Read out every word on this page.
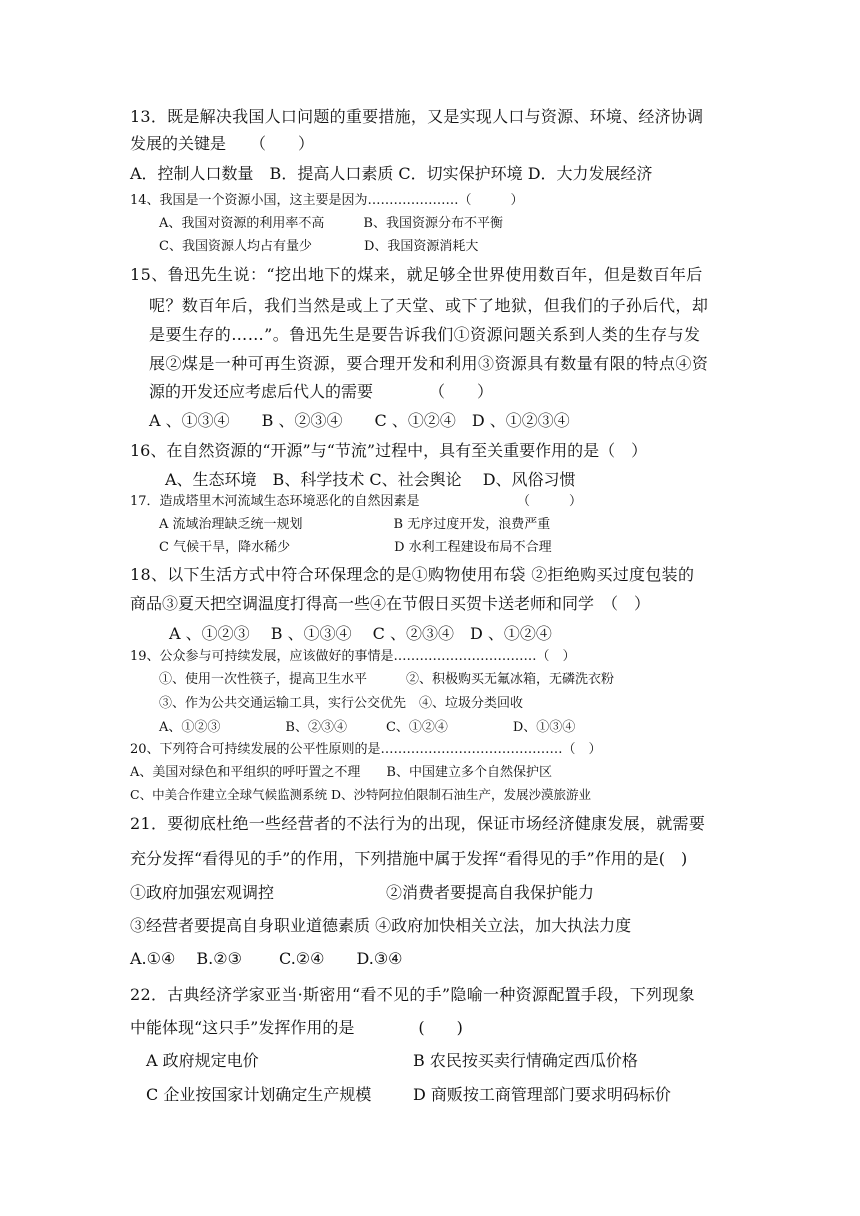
13．既是解决我国人口问题的重要措施，又是实现人口与资源、环境、经济协调
发展的关键是　　（　　）
A．控制人口数量　B．提高人口素质 C．切实保护环境 D．大力发展经济
14、我国是一个资源小国，这主要是因为…………………（　　　）
A、我国对资源的利用率不高　　　B、我国资源分布不平衡
C、我国资源人均占有量少　　　　D、我国资源消耗大
15、鲁迅先生说：“挖出地下的煤来，就足够全世界使用数百年，但是数百年后
呢？数百年后，我们当然是或上了天堂、或下了地狱，但我们的子孙后代，却
是要生存的……”。鲁迅先生是要告诉我们①资源问题关系到人类的生存与发
展②煤是一种可再生资源，要合理开发和利用③资源具有数量有限的特点④资
源的开发还应考虑后代人的需要　　　　（　　）
A 、①③④　　B 、②③④　　C 、①②④　D 、①②③④
16、在自然资源的“开源”与“节流”过程中，具有至关重要作用的是（　）
A、生态环境　B、科学技术 C、社会舆论　 D、风俗习惯
17．造成塔里木河流域生态环境恶化的自然因素是　　　　　　　　（　　　）
A 流域治理缺乏统一规划　　　　　　　B 无序过度开发，浪费严重
C 气候干旱，降水稀少　　　　　　　　D 水利工程建设布局不合理
18、以下生活方式中符合环保理念的是①购物使用布袋 ②拒绝购买过度包装的
商品③夏天把空调温度打得高一些④在节假日买贺卡送老师和同学　（　）
A 、①②③　 B 、①③④　 C 、②③④　D 、①②④
19、公众参与可持续发展，应该做好的事情是……………………………（　）
①、使用一次性筷子，提高卫生水平　　　②、积极购买无氟冰箱，无磷洗衣粉
③、作为公共交通运输工具，实行公交优先　④、垃圾分类回收
A、①②③　　　　　B、②③④　　　C、①②④　　　　　D、①③④
20、下列符合可持续发展的公平性原则的是……………………………………（　）
A、美国对绿色和平组织的呼吁置之不理　　B、中国建立多个自然保护区
C、中美合作建立全球气候监测系统 D、沙特阿拉伯限制石油生产，发展沙漠旅游业
21．要彻底杜绝一些经营者的不法行为的出现，保证市场经济健康发展，就需要
充分发挥“看得见的手”的作用，下列措施中属于发挥“看得见的手”作用的是(　)
①政府加强宏观调控　　　　　　　②消费者要提高自我保护能力
③经营者要提高自身职业道德素质 ④政府加快相关立法，加大执法力度
A.①④　 B.②③　　 C.②④　　D.③④
22．古典经济学家亚当·斯密用“看不见的手”隐喻一种资源配置手段，下列现象
中能体现“这只手”发挥作用的是　　　　(　　)
A 政府规定电价	B 农民按买卖行情确定西瓜价格
C 企业按国家计划确定生产规模	D 商贩按工商管理部门要求明码标价
